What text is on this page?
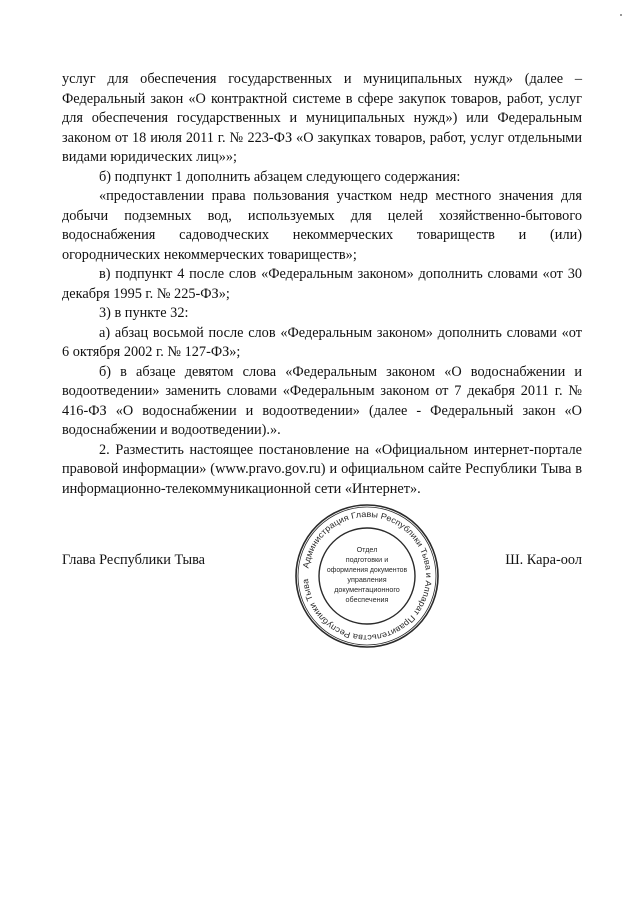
услуг для обеспечения государственных и муниципальных нужд» (далее – Федеральный закон «О контрактной системе в сфере закупок товаров, работ, услуг для обеспечения государственных и муниципальных нужд») или Федеральным законом от 18 июля 2011 г. № 223-ФЗ «О закупках товаров, работ, услуг отдельными видами юридических лиц»»;

б) подпункт 1 дополнить абзацем следующего содержания:

«предоставлении права пользования участком недр местного значения для добычи подземных вод, используемых для целей хозяйственно-бытового водоснабжения садоводческих некоммерческих товариществ и (или) огороднических некоммерческих товариществ»;

в) подпункт 4 после слов «Федеральным законом» дополнить словами «от 30 декабря 1995 г. № 225-ФЗ»;

3) в пункте 32:

а) абзац восьмой после слов «Федеральным законом» дополнить словами «от 6 октября 2002 г. № 127-ФЗ»;

б) в абзаце девятом слова «Федеральным законом «О водоснабжении и водоотведении» заменить словами «Федеральным законом от 7 декабря 2011 г. № 416-ФЗ «О водоснабжении и водоотведении» (далее - Федеральный закон «О водоснабжении и водоотведении).».

2. Разместить настоящее постановление на «Официальном интернет-портале правовой информации» (www.pravo.gov.ru) и официальном сайте Республики Тыва в информационно-телекоммуникационной сети «Интернет».

Глава Республики Тыва	Администрация Главы Республики Тыва и Аппарат Правительства Республики Тыва
Отдел
подготовки и
оформления документов
управления
документационного
обеспечения
Ш. Кара-оол
